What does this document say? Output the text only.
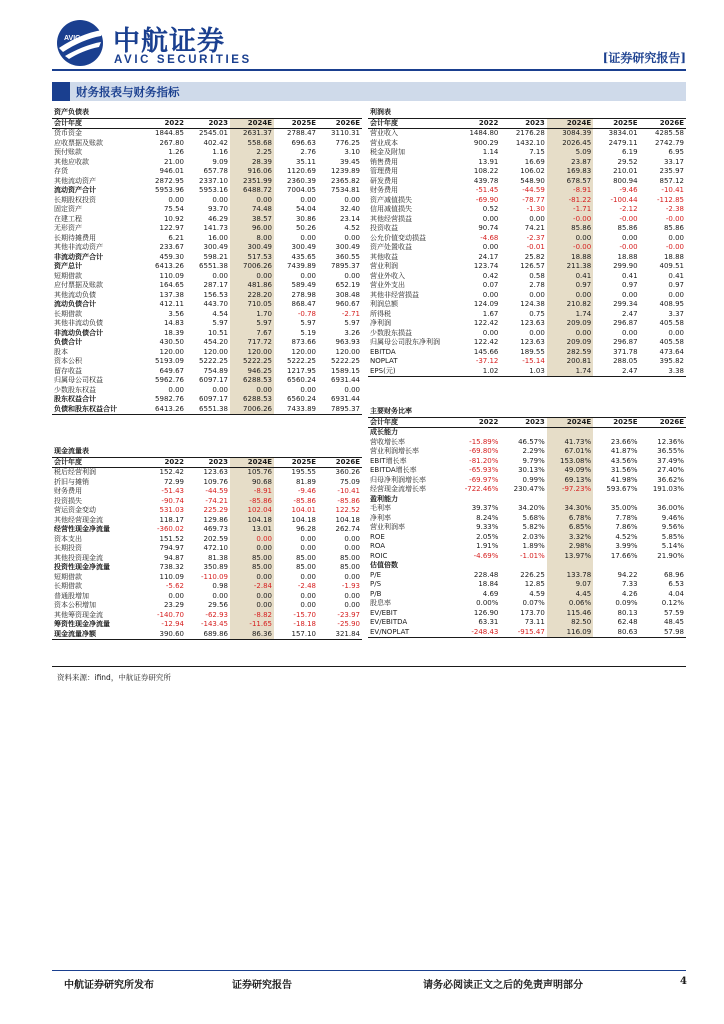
AVIC 中航证券
AVIC SECURITIES	[证券研究报告]
财务报表与财务指标
资产负债表					
会计年度	2022	2023	2024E	2025E	2026E
货币资金	1844.85	2545.01	2631.37	2788.47	3110.31
应收票据及账款	267.80	402.42	558.68	696.63	776.25
预付账款	1.26	1.16	2.25	2.76	3.10
其他应收款	21.00	9.09	28.39	35.11	39.45
存货	946.01	657.78	916.06	1120.69	1239.89
其他流动资产	2872.95	2337.10	2351.99	2360.39	2365.82
流动资产合计	5953.96	5953.16	6488.72	7004.05	7534.81
长期股权投资	0.00	0.00	0.00	0.00	0.00
固定资产	75.54	93.70	74.48	54.04	32.40
在建工程	10.92	46.29	38.57	30.86	23.14
无形资产	122.97	141.73	96.00	50.26	4.52
长期待摊费用	6.21	16.00	8.00	0.00	0.00
其他非流动资产	233.67	300.49	300.49	300.49	300.49
非流动资产合计	459.30	598.21	517.53	435.65	360.55
资产总计	6413.26	6551.38	7006.26	7439.89	7895.37
短期借款	110.09	0.00	0.00	0.00	0.00
应付票据及账款	164.65	287.17	481.86	589.49	652.19
其他流动负债	137.38	156.53	228.20	278.98	308.48
流动负债合计	412.11	443.70	710.05	868.47	960.67
长期借款	3.56	4.54	1.70	-0.78	-2.71
其他非流动负债	14.83	5.97	5.97	5.97	5.97
非流动负债合计	18.39	10.51	7.67	5.19	3.26
负债合计	430.50	454.20	717.72	873.66	963.93
股本	120.00	120.00	120.00	120.00	120.00
资本公积	5193.09	5222.25	5222.25	5222.25	5222.25
留存收益	649.67	754.89	946.25	1217.95	1589.15
归属母公司权益	5962.76	6097.17	6288.53	6560.24	6931.44
少数股东权益	0.00	0.00	0.00	0.00	0.00
股东权益合计	5982.76	6097.17	6288.53	6560.24	6931.44
负债和股东权益合计	6413.26	6551.38	7006.26	7433.89	7895.37
现金流量表					
会计年度	2022	2023	2024E	2025E	2026E
税后经营利润	152.42	123.63	105.76	195.55	360.26
折旧与摊销	72.99	109.76	90.68	81.89	75.09
财务费用	-51.43	-44.59	-8.91	-9.46	-10.41
投资损失	-90.74	-74.21	-85.86	-85.86	-85.86
营运资金变动	531.03	225.29	102.04	104.01	122.52
其他经营现金流	118.17	129.86	104.18	104.18	104.18
经营性现金净流量	-360.02	469.73	13.01	96.28	262.74
资本支出	151.52	202.59	0.00	0.00	0.00
长期投资	794.97	472.10	0.00	0.00	0.00
其他投资现金流	94.87	81.38	85.00	85.00	85.00
投资性现金净流量	738.32	350.89	85.00	85.00	85.00
短期借款	110.09	-110.09	0.00	0.00	0.00
长期借款	-5.62	0.98	-2.84	-2.48	-1.93
普通股增加	0.00	0.00	0.00	0.00	0.00
资本公积增加	23.29	29.56	0.00	0.00	0.00
其他筹资现金流	-140.70	-62.93	-8.82	-15.70	-23.97
筹资性现金净流量	-12.94	-143.45	-11.65	-18.18	-25.90
现金流量净额	390.60	689.86	86.36	157.10	321.84
利润表					
会计年度	2022	2023	2024E	2025E	2026E
营业收入	1484.80	2176.28	3084.39	3834.01	4285.58
营业成本	900.29	1432.10	2026.45	2479.11	2742.79
税金及附加	1.14	7.15	5.09	6.19	6.95
销售费用	13.91	16.69	23.87	29.52	33.17
管理费用	108.22	106.02	169.83	210.01	235.97
研发费用	439.78	548.90	678.57	800.94	857.12
财务费用	-51.45	-44.59	-8.91	-9.46	-10.41
资产减值损失	-69.90	-78.77	-81.22	-100.44	-112.85
信用减值损失	0.52	-1.30	-1.71	-2.12	-2.38
其他经营损益	0.00	0.00	-0.00	-0.00	-0.00
投资收益	90.74	74.21	85.86	85.86	85.86
公允价值变动损益	-4.68	-2.37	0.00	0.00	0.00
资产处置收益	0.00	-0.01	-0.00	-0.00	-0.00
其他收益	24.17	25.82	18.88	18.88	18.88
营业利润	123.74	126.57	211.38	299.90	409.51
营业外收入	0.42	0.58	0.41	0.41	0.41
营业外支出	0.07	2.78	0.97	0.97	0.97
其他非经营损益	0.00	0.00	0.00	0.00	0.00
利润总额	124.09	124.38	210.82	299.34	408.95
所得税	1.67	0.75	1.74	2.47	3.37
净利润	122.42	123.63	209.09	296.87	405.58
少数股东损益	0.00	0.00	0.00	0.00	0.00
归属母公司股东净利润	122.42	123.63	209.09	296.87	405.58
EBITDA	145.66	189.55	282.59	371.78	473.64
NOPLAT	-37.12	-15.14	200.81	288.05	395.82
EPS(元)	1.02	1.03	1.74	2.47	3.38
主要财务比率					
会计年度	2022	2023	2024E	2025E	2026E
成长能力					
营收增长率	-15.89%	46.57%	41.73%	23.66%	12.36%
营业利润增长率	-69.80%	2.29%	67.01%	41.87%	36.55%
EBIT增长率	-81.20%	9.79%	153.08%	43.56%	37.49%
EBITDA增长率	-65.93%	30.13%	49.09%	31.56%	27.40%
归母净利润增长率	-69.97%	0.99%	69.13%	41.98%	36.62%
经营现金流增长率	-722.46%	230.47%	-97.23%	593.67%	191.03%
盈利能力					
毛利率	39.37%	34.20%	34.30%	35.00%	36.00%
净利率	8.24%	5.68%	6.78%	7.78%	9.46%
营业利润率	9.33%	5.82%	6.85%	7.86%	9.56%
ROE	2.05%	2.03%	3.32%	4.52%	5.85%
ROA	1.91%	1.89%	2.98%	3.99%	5.14%
ROIC	-4.69%	-1.01%	13.97%	17.66%	21.90%
估值倍数					
P/E	228.48	226.25	133.78	94.22	68.96
P/S	18.84	12.85	9.07	7.33	6.53
P/B	4.69	4.59	4.45	4.26	4.04
股息率	0.00%	0.07%	0.06%	0.09%	0.12%
EV/EBIT	126.90	173.70	115.46	80.13	57.59
EV/EBITDA	63.31	73.11	82.50	62.48	48.45
EV/NOPLAT	-248.43	-915.47	116.09	80.63	57.98
资料来源：ifind，中航证券研究所
中航证券研究所发布	证券研究报告	请务必阅读正文之后的免责声明部分	4
